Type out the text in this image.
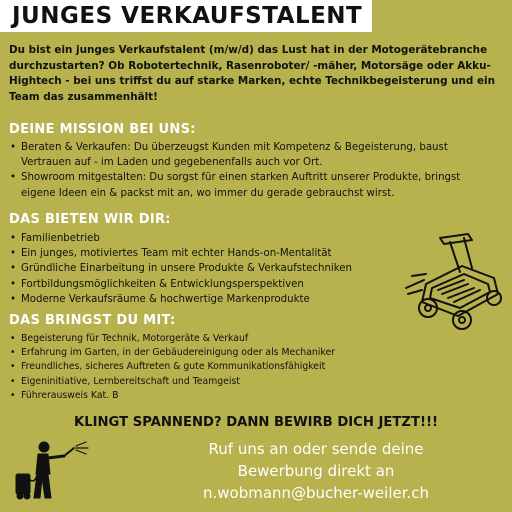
JUNGES VERKAUFSTALENT
Du bist ein junges Verkaufstalent (m/w/d) das Lust hat in der Motogerätebranche durchzustarten? Ob Robotertechnik, Rasenroboter/ -mäher, Motorsäge oder Akku-Hightech - bei uns triffst du auf starke Marken, echte Technikbegeisterung und ein Team das zusammenhält!
DEINE MISSION BEI UNS:
• Beraten & Verkaufen: Du überzeugst Kunden mit Kompetenz & Begeisterung, baust Vertrauen auf - im Laden und gegebenenfalls auch vor Ort.
• Showroom mitgestalten: Du sorgst für einen starken Auftritt unserer Produkte, bringst eigene Ideen ein & packst mit an, wo immer du gerade gebrauchst wirst.
DAS BIETEN WIR DIR:
• Familienbetrieb
• Ein junges, motiviertes Team mit echter Hands-on-Mentalität
• Gründliche Einarbeitung in unsere Produkte & Verkaufstechniken
• Fortbildungsmöglichkeiten & Entwicklungsperspektiven
• Moderne Verkaufsräume & hochwertige Markenprodukte
DAS BRINGST DU MIT:
• Begeisterung für Technik, Motorgeräte & Verkauf
• Erfahrung im Garten, in der Gebäudereinigung oder als Mechaniker
• Freundliches, sicheres Auftreten & gute Kommunikationsfähigkeit
• Eigeninitiative, Lernbereitschaft und Teamgeist
• Führerausweis Kat. B
KLINGT SPANNEND? DANN BEWIRB DICH JETZT!!!
Ruf uns an oder sende deine
Bewerbung direkt an
n.wobmann@bucher-weiler.ch
